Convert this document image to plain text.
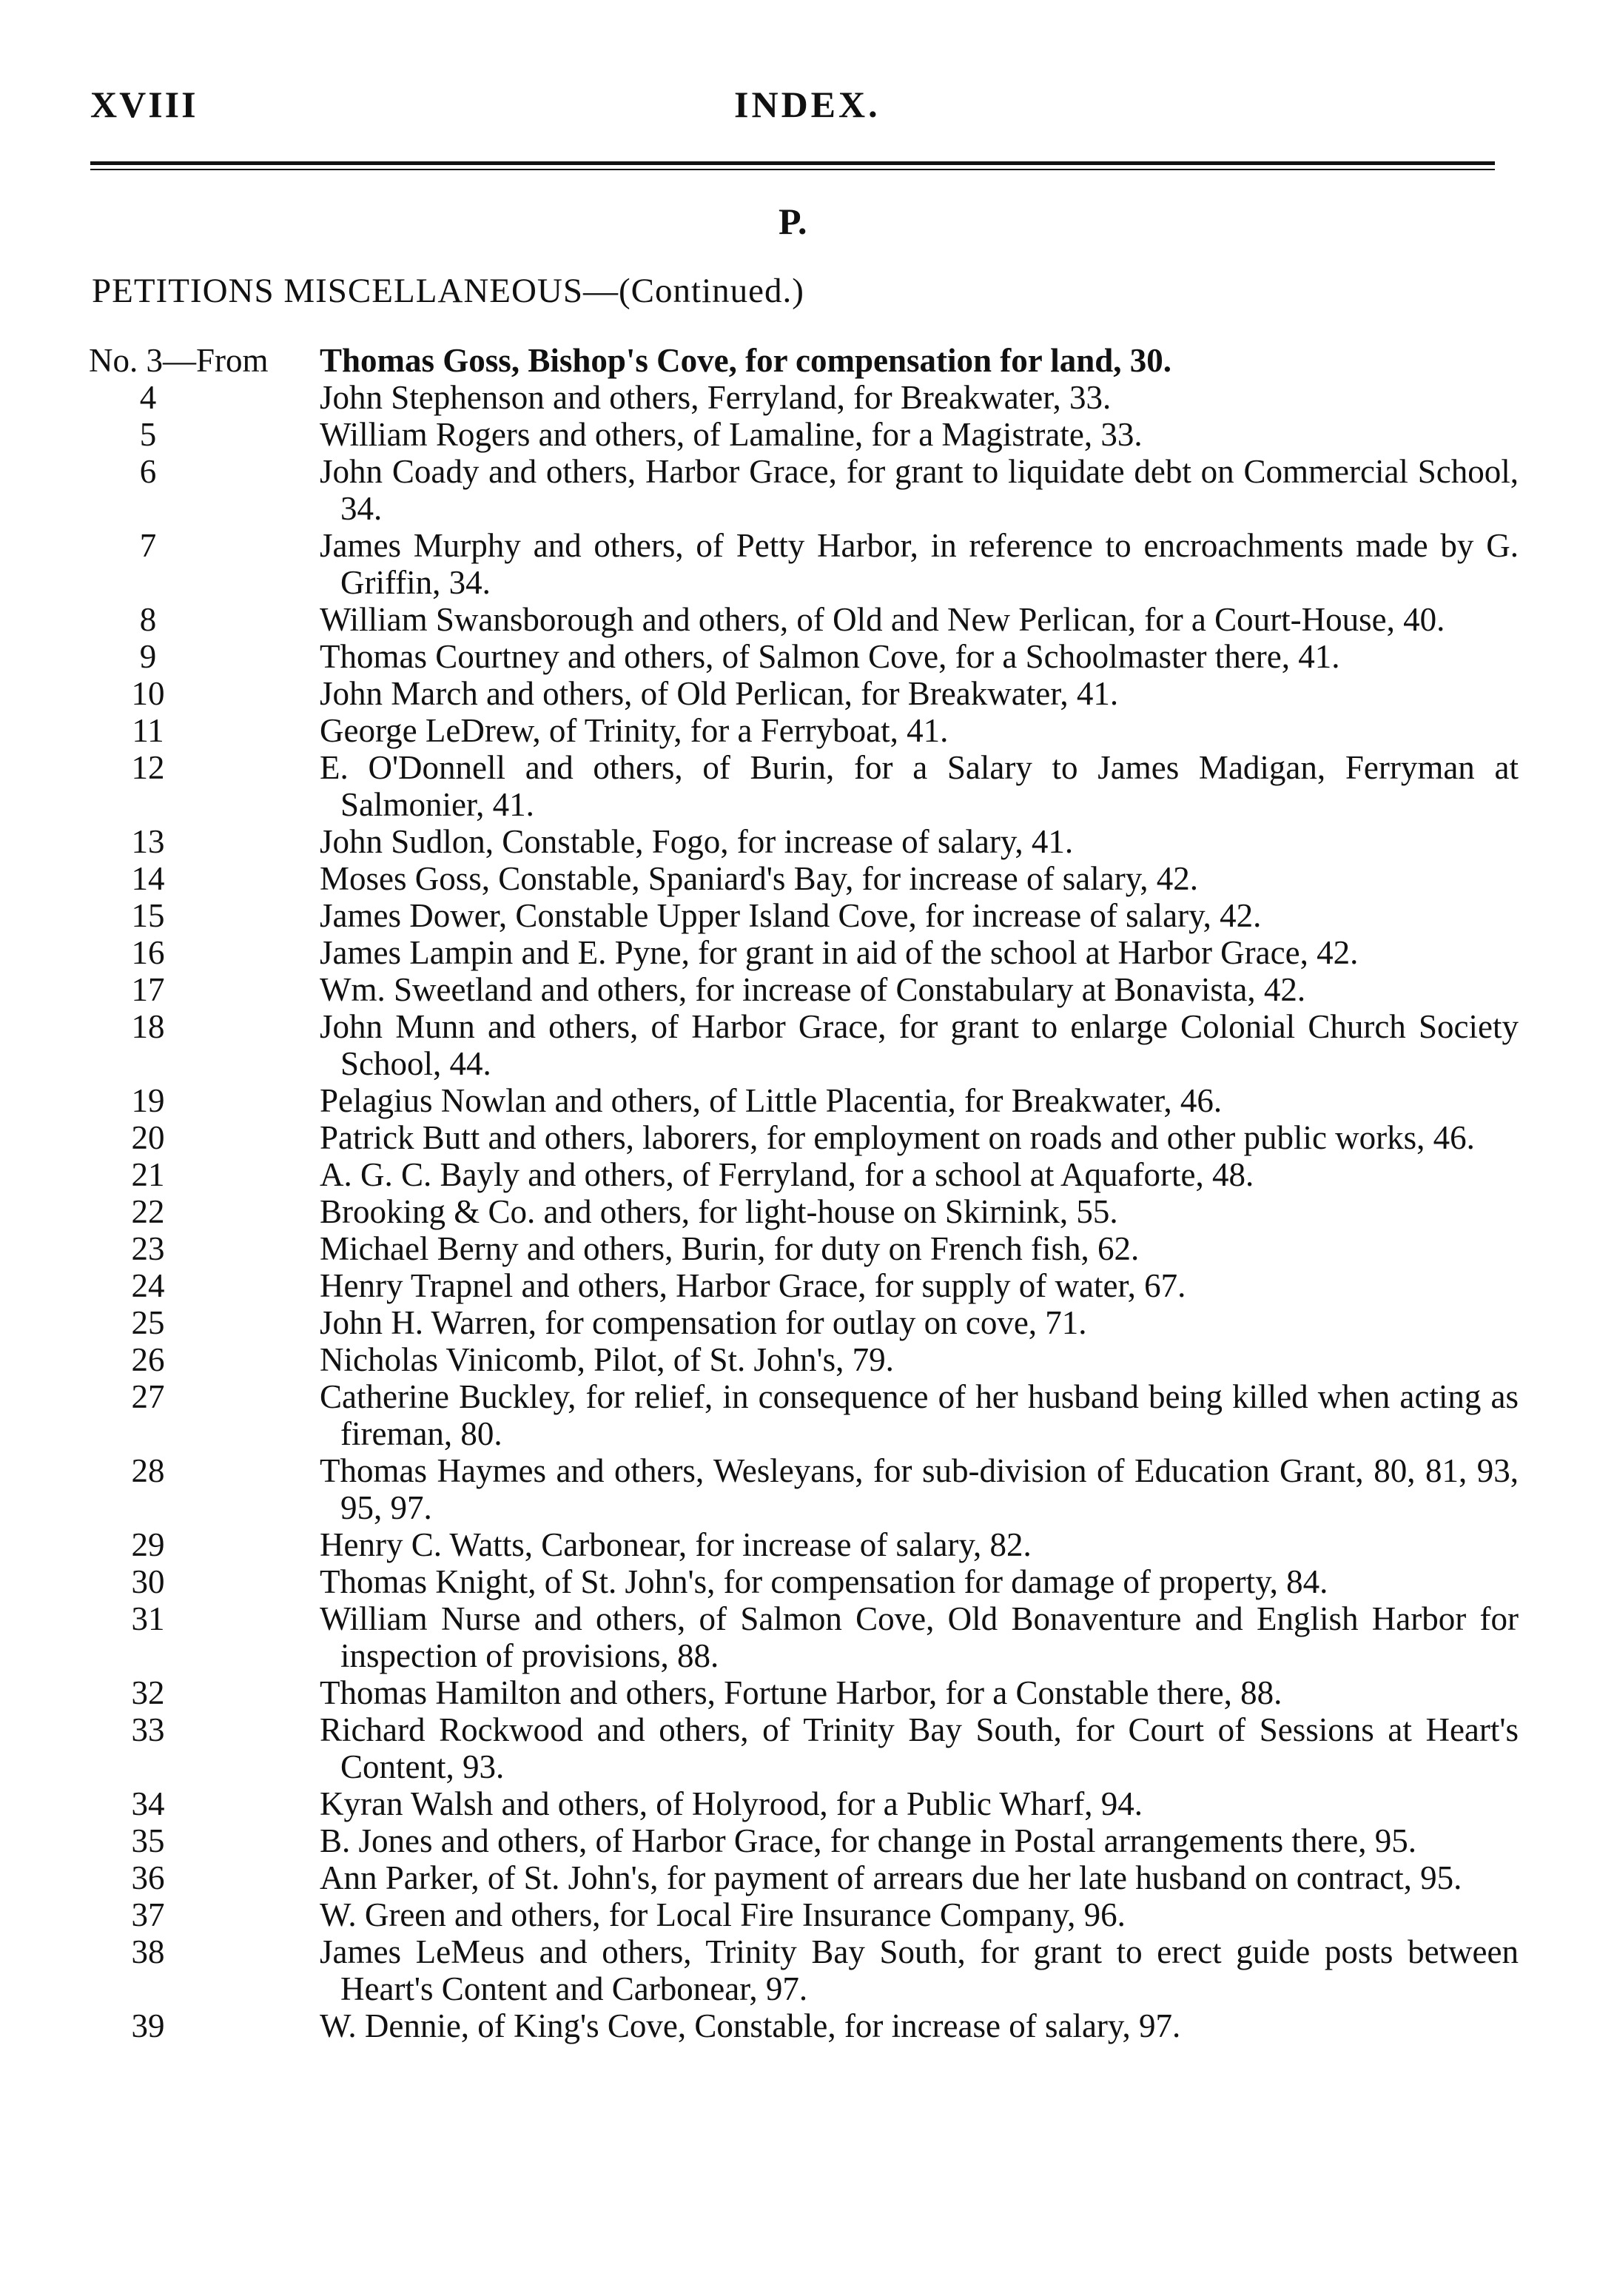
XVIII	INDEX.
P.
PETITIONS MISCELLANEOUS—(Continued.)
No. 3—From Thomas Goss, Bishop's Cove, for compensation for land, 30.
4	John Stephenson and others, Ferryland, for Breakwater, 33.
5	William Rogers and others, of Lamaline, for a Magistrate, 33.
6	John Coady and others, Harbor Grace, for grant to liquidate debt on Commercial School, 34.
7	James Murphy and others, of Petty Harbor, in reference to encroachments made by G. Griffin, 34.
8	William Swansborough and others, of Old and New Perlican, for a Court-House, 40.
9	Thomas Courtney and others, of Salmon Cove, for a Schoolmaster there, 41.
10	John March and others, of Old Perlican, for Breakwater, 41.
11	George LeDrew, of Trinity, for a Ferryboat, 41.
12	E. O'Donnell and others, of Burin, for a Salary to James Madigan, Ferryman at Salmonier, 41.
13	John Sudlon, Constable, Fogo, for increase of salary, 41.
14	Moses Goss, Constable, Spaniard's Bay, for increase of salary, 42.
15	James Dower, Constable Upper Island Cove, for increase of salary, 42.
16	James Lampin and E. Pyne, for grant in aid of the school at Harbor Grace, 42.
17	Wm. Sweetland and others, for increase of Constabulary at Bonavista, 42.
18	John Munn and others, of Harbor Grace, for grant to enlarge Colonial Church Society School, 44.
19	Pelagius Nowlan and others, of Little Placentia, for Breakwater, 46.
20	Patrick Butt and others, laborers, for employment on roads and other public works, 46.
21	A. G. C. Bayly and others, of Ferryland, for a school at Aquaforte, 48.
22	Brooking & Co. and others, for light-house on Skirnink, 55.
23	Michael Berny and others, Burin, for duty on French fish, 62.
24	Henry Trapnel and others, Harbor Grace, for supply of water, 67.
25	John H. Warren, for compensation for outlay on cove, 71.
26	Nicholas Vinicomb, Pilot, of St. John's, 79.
27	Catherine Buckley, for relief, in consequence of her husband being killed when acting as fireman, 80.
28	Thomas Haymes and others, Wesleyans, for sub-division of Education Grant, 80, 81, 93, 95, 97.
29	Henry C. Watts, Carbonear, for increase of salary, 82.
30	Thomas Knight, of St. John's, for compensation for damage of property, 84.
31	William Nurse and others, of Salmon Cove, Old Bonaventure and English Harbor for inspection of provisions, 88.
32	Thomas Hamilton and others, Fortune Harbor, for a Constable there, 88.
33	Richard Rockwood and others, of Trinity Bay South, for Court of Sessions at Heart's Content, 93.
34	Kyran Walsh and others, of Holyrood, for a Public Wharf, 94.
35	B. Jones and others, of Harbor Grace, for change in Postal arrangements there, 95.
36	Ann Parker, of St. John's, for payment of arrears due her late husband on contract, 95.
37	W. Green and others, for Local Fire Insurance Company, 96.
38	James LeMeus and others, Trinity Bay South, for grant to erect guide posts between Heart's Content and Carbonear, 97.
39	W. Dennie, of King's Cove, Constable, for increase of salary, 97.
